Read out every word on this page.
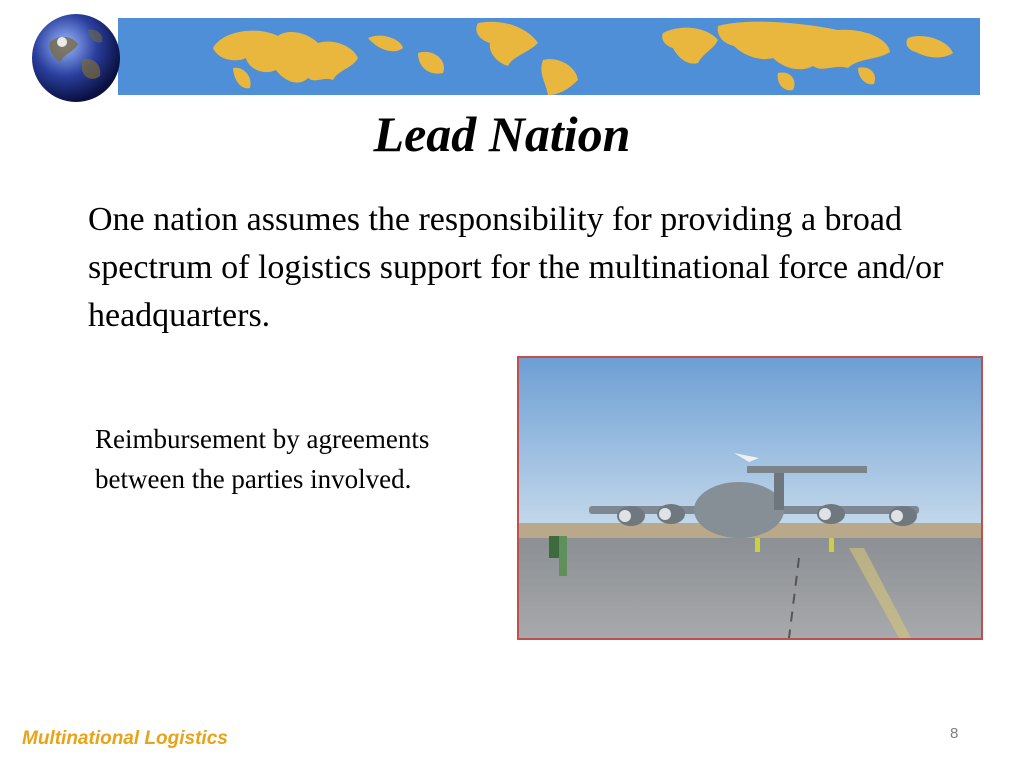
Lead Nation
One nation assumes the responsibility for providing a broad spectrum of logistics support for the multinational force and/or headquarters.
Reimbursement by agreements between the parties involved.
Multinational Logistics	8
